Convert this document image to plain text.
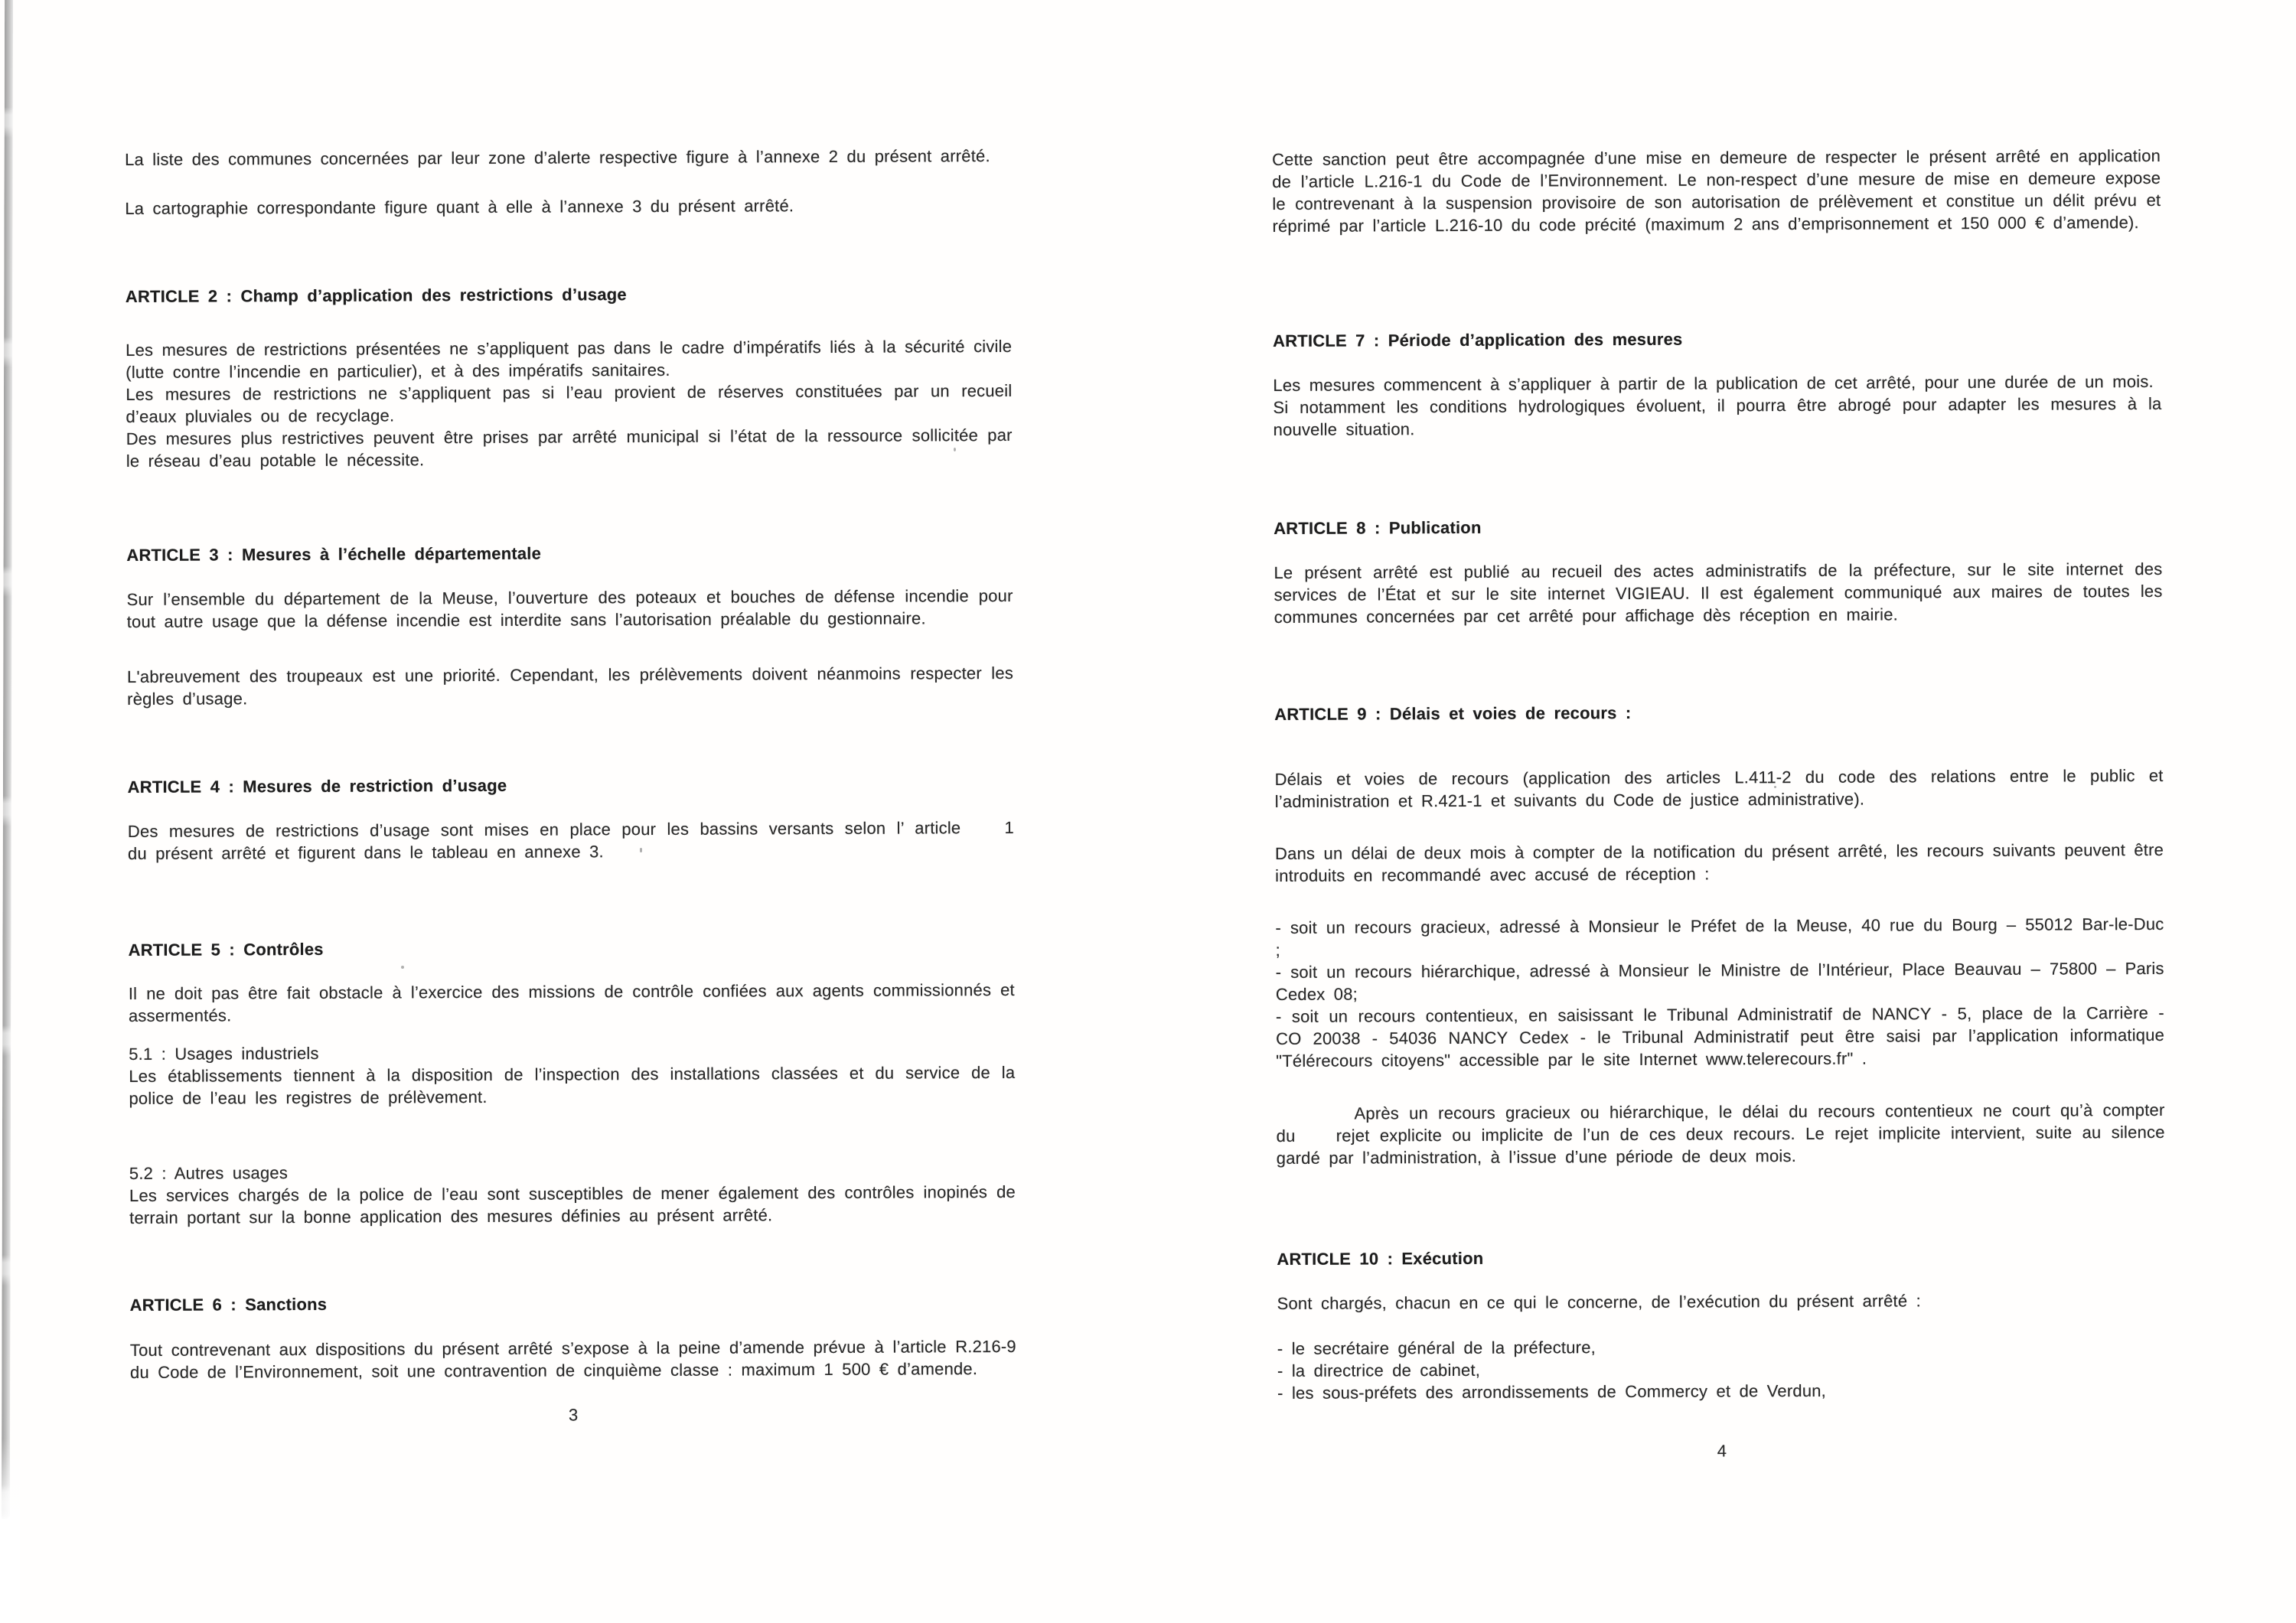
La liste des communes concernées par leur zone d’alerte respective figure à l’annexe 2 du présent arrêté.

La cartographie correspondante figure quant à elle à l’annexe 3 du présent arrêté.

ARTICLE 2 : Champ d’application des restrictions d’usage

Les mesures de restrictions présentées ne s’appliquent pas dans le cadre d’impératifs liés à la sécurité civile (lutte contre l’incendie en particulier), et à des impératifs sanitaires.
Les mesures de restrictions ne s’appliquent pas si l’eau provient de réserves constituées par un recueil d’eaux pluviales ou de recyclage.
Des mesures plus restrictives peuvent être prises par arrêté municipal si l’état de la ressource sollicitée par le réseau d’eau potable le nécessite.

ARTICLE 3 : Mesures à l’échelle départementale

Sur l’ensemble du département de la Meuse, l’ouverture des poteaux et bouches de défense incendie pour tout autre usage que la défense incendie est interdite sans l’autorisation préalable du gestionnaire.

L'abreuvement des troupeaux est une priorité. Cependant, les prélèvements doivent néanmoins respecter les règles d’usage.

ARTICLE 4 : Mesures de restriction d’usage

Des mesures de restrictions d’usage sont mises en place pour les bassins versants selon l’ article    1    du présent arrêté et figurent dans le tableau en annexe 3.

ARTICLE 5 : Contrôles

Il ne doit pas être fait obstacle à l’exercice des missions de contrôle confiées aux agents commissionnés et assermentés.

5.1 : Usages industriels
Les établissements tiennent à la disposition de l’inspection des installations classées et du service de la police de l’eau les registres de prélèvement.

5.2 : Autres usages
Les services chargés de la police de l’eau sont susceptibles de mener également des contrôles inopinés de terrain portant sur la bonne application des mesures définies au présent arrêté.

ARTICLE 6 : Sanctions

Tout contrevenant aux dispositions du présent arrêté s’expose à la peine d’amende prévue à l’article R.216-9 du Code de l’Environnement, soit une contravention de cinquième classe : maximum 1 500 € d’amende.

3

Cette sanction peut être accompagnée d’une mise en demeure de respecter le présent arrêté en application de l’article L.216-1 du Code de l’Environnement. Le non-respect d’une mesure de mise en demeure expose le contrevenant à la suspension provisoire de son autorisation de prélèvement et constitue un délit prévu et réprimé par l’article L.216-10 du code précité (maximum 2 ans d’emprisonnement et 150 000 € d’amende).

ARTICLE 7 : Période d’application des mesures

Les mesures commencent à s’appliquer à partir de la publication de cet arrêté, pour une durée de un mois.
Si notamment les conditions hydrologiques évoluent, il pourra être abrogé pour adapter les mesures à la nouvelle situation.

ARTICLE 8 : Publication

Le présent arrêté est publié au recueil des actes administratifs de la préfecture, sur le site internet des services de l’État et sur le site internet VIGIEAU. Il est également communiqué aux maires de toutes les communes concernées par cet arrêté pour affichage dès réception en mairie.

ARTICLE 9 : Délais et voies de recours :

Délais et voies de recours (application des articles L.411-2 du code des relations entre le public et l’administration et R.421-1 et suivants du Code de justice administrative).

Dans un délai de deux mois à compter de la notification du présent arrêté, les recours suivants peuvent être introduits en recommandé avec accusé de réception :

- soit un recours gracieux, adressé à Monsieur le Préfet de la Meuse, 40 rue du Bourg – 55012 Bar-le-Duc ;
- soit un recours hiérarchique, adressé à Monsieur le Ministre de l’Intérieur, Place Beauvau – 75800 – Paris Cedex 08;
- soit un recours contentieux, en saisissant le Tribunal Administratif de NANCY - 5, place de la Carrière - CO 20038 - 54036 NANCY Cedex - le Tribunal Administratif peut être saisi par l’application informatique "Télérecours citoyens" accessible par le site Internet www.telerecours.fr" .

Après un recours gracieux ou hiérarchique, le délai du recours contentieux ne court qu’à compter du    rejet explicite ou implicite de l’un de ces deux recours. Le rejet implicite intervient, suite au silence gardé par l’administration, à l’issue d’une période de deux mois.

ARTICLE 10 : Exécution

Sont chargés, chacun en ce qui le concerne, de l’exécution du présent arrêté :

- le secrétaire général de la préfecture,
- la directrice de cabinet,
- les sous-préfets des arrondissements de Commercy et de Verdun,

4
